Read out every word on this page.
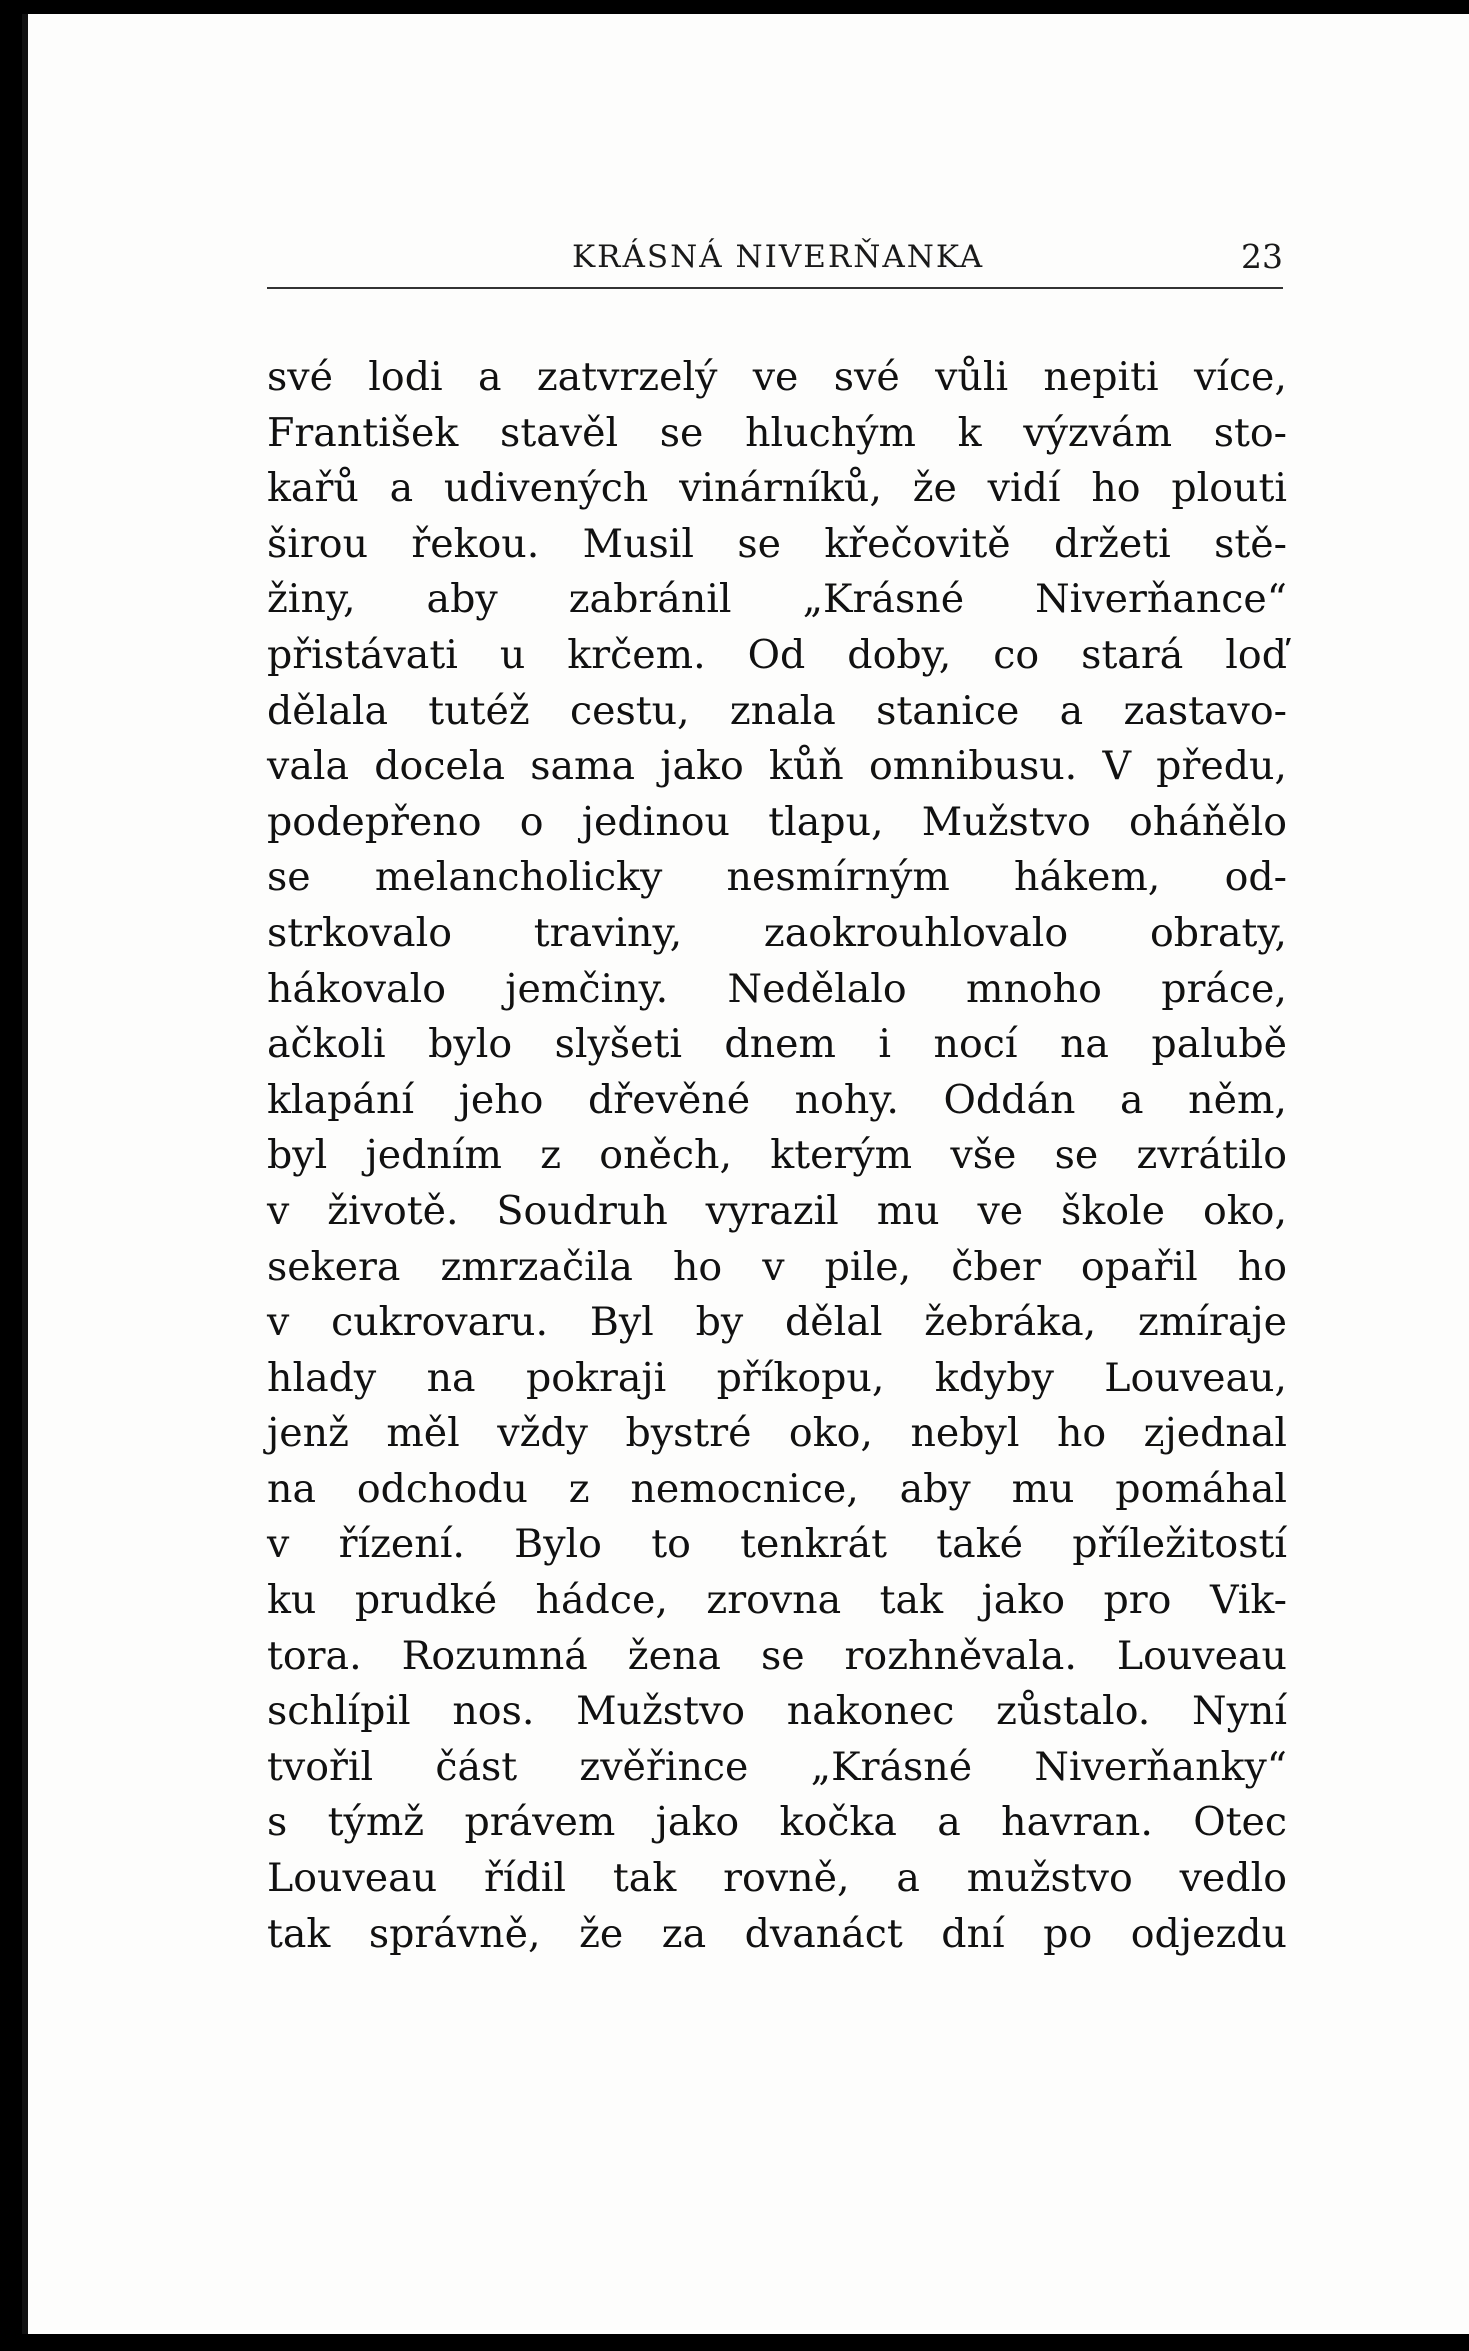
KRÁSNÁ NIVERŇANKA	23
své lodi a zatvrzelý ve své vůli nepiti více,
František stavěl se hluchým k výzvám sto-
kařů a udivených vinárníků, že vidí ho plouti
širou řekou. Musil se křečovitě držeti stě-
žiny, aby zabránil „Krásné Niverňance“
přistávati u krčem. Od doby, co stará loď
dělala tutéž cestu, znala stanice a zastavo-
vala docela sama jako kůň omnibusu. V předu,
podepřeno o jedinou tlapu, Mužstvo oháňělo
se melancholicky nesmírným hákem, od-
strkovalo traviny, zaokrouhlovalo obraty,
hákovalo jemčiny. Nedělalo mnoho práce,
ačkoli bylo slyšeti dnem i nocí na palubě
klapání jeho dřevěné nohy. Oddán a něm,
byl jedním z oněch, kterým vše se zvrátilo
v životě. Soudruh vyrazil mu ve škole oko,
sekera zmrzačila ho v pile, čber opařil ho
v cukrovaru. Byl by dělal žebráka, zmíraje
hlady na pokraji příkopu, kdyby Louveau,
jenž měl vždy bystré oko, nebyl ho zjednal
na odchodu z nemocnice, aby mu pomáhal
v řízení. Bylo to tenkrát také příležitostí
ku prudké hádce, zrovna tak jako pro Vik-
tora. Rozumná žena se rozhněvala. Louveau
schlípil nos. Mužstvo nakonec zůstalo. Nyní
tvořil část zvěřince „Krásné Niverňanky“
s týmž právem jako kočka a havran. Otec
Louveau řídil tak rovně, a mužstvo vedlo
tak správně, že za dvanáct dní po odjezdu
